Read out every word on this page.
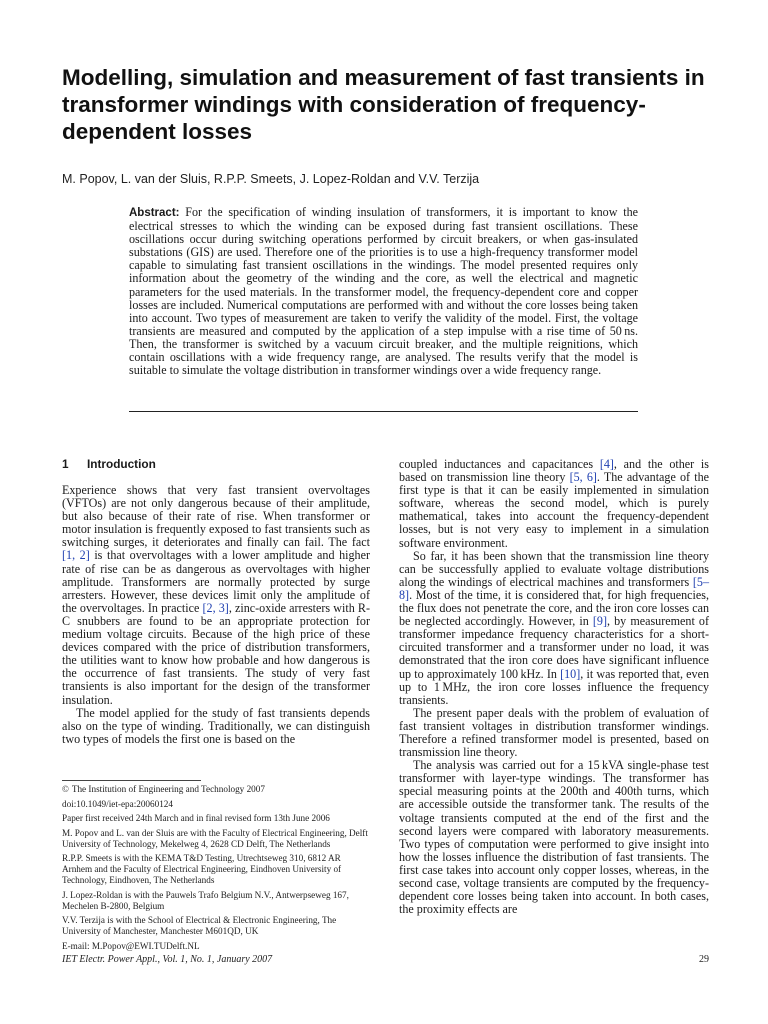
Modelling, simulation and measurement of fast transients in transformer windings with consideration of frequency-dependent losses
M. Popov, L. van der Sluis, R.P.P. Smeets, J. Lopez-Roldan and V.V. Terzija

Abstract: For the specification of winding insulation of transformers, it is important to know the electrical stresses to which the winding can be exposed during fast transient oscillations. These oscillations occur during switching operations performed by circuit breakers, or when gas-insulated substations (GIS) are used. Therefore one of the priorities is to use a high-frequency transformer model capable to simulating fast transient oscillations in the windings. The model presented requires only information about the geometry of the winding and the core, as well the electrical and magnetic parameters for the used materials. In the transformer model, the frequency-dependent core and copper losses are included. Numerical computations are performed with and without the core losses being taken into account. Two types of measurement are taken to verify the validity of the model. First, the voltage transients are measured and computed by the application of a step impulse with a rise time of 50 ns. Then, the transformer is switched by a vacuum circuit breaker, and the multiple reignitions, which contain oscillations with a wide frequency range, are analysed. The results verify that the model is suitable to simulate the voltage distribution in transformer windings over a wide frequency range.

1 Introduction

Experience shows that very fast transient overvoltages (VFTOs) are not only dangerous because of their amplitude, but also because of their rate of rise. When transformer or motor insulation is frequently exposed to fast transients such as switching surges, it deteriorates and finally can fail. The fact [1, 2] is that overvoltages with a lower amplitude and higher rate of rise can be as dangerous as overvoltages with higher amplitude. Transformers are normally protected by surge arresters. However, these devices limit only the amplitude of the overvoltages. In practice [2, 3], zinc-oxide arresters with R-C snubbers are found to be an appropriate protection for medium voltage circuits. Because of the high price of these devices compared with the price of distribution transformers, the utilities want to know how probable and how dangerous is the occurrence of fast transients. The study of very fast transients is also important for the design of the transformer insulation.

The model applied for the study of fast transients depends also on the type of winding. Traditionally, we can distinguish two types of models the first one is based on the

coupled inductances and capacitances [4], and the other is based on transmission line theory [5, 6]. The advantage of the first type is that it can be easily implemented in simulation software, whereas the second model, which is purely mathematical, takes into account the frequency-dependent losses, but is not very easy to implement in a simulation software environment.

So far, it has been shown that the transmission line theory can be successfully applied to evaluate voltage distributions along the windings of electrical machines and transformers [5–8]. Most of the time, it is considered that, for high frequencies, the flux does not penetrate the core, and the iron core losses can be neglected accordingly. However, in [9], by measurement of transformer impedance frequency characteristics for a short-circuited transformer and a transformer under no load, it was demonstrated that the iron core does have significant influence up to approximately 100 kHz. In [10], it was reported that, even up to 1 MHz, the iron core losses influence the frequency transients.

The present paper deals with the problem of evaluation of fast transient voltages in distribution transformer windings. Therefore a refined transformer model is presented, based on transmission line theory.

The analysis was carried out for a 15 kVA single-phase test transformer with layer-type windings. The transformer has special measuring points at the 200th and 400th turns, which are accessible outside the transformer tank. The results of the voltage transients computed at the end of the first and the second layers were compared with laboratory measurements. Two types of computation were performed to give insight into how the losses influence the distribution of fast transients. The first case takes into account only copper losses, whereas, in the second case, voltage transients are computed by the frequency-dependent core losses being taken into account. In both cases, the proximity effects are

© The Institution of Engineering and Technology 2007
doi:10.1049/iet-epa:20060124
Paper first received 24th March and in final revised form 13th June 2006
M. Popov and L. van der Sluis are with the Faculty of Electrical Engineering, Delft University of Technology, Mekelweg 4, 2628 CD Delft, The Netherlands
R.P.P. Smeets is with the KEMA T&D Testing, Utrechtseweg 310, 6812 AR Arnhem and the Faculty of Electrical Engineering, Eindhoven University of Technology, Eindhoven, The Netherlands
J. Lopez-Roldan is with the Pauwels Trafo Belgium N.V., Antwerpseweg 167, Mechelen B-2800, Belgium
V.V. Terzija is with the School of Electrical & Electronic Engineering, The University of Manchester, Manchester M601QD, UK
E-mail: M.Popov@EWI.TUDelft.NL
IET Electr. Power Appl., Vol. 1, No. 1, January 2007	29
